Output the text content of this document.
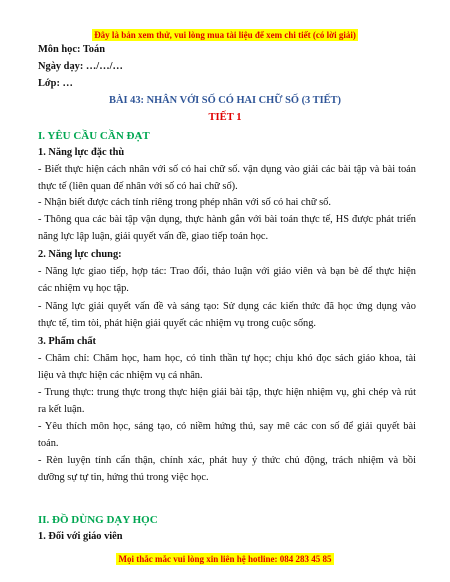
Đây là bản xem thử, vui lòng mua tài liệu để xem chi tiết (có lời giải)
Môn học: Toán
Ngày dạy: …/…/…
Lớp: …
BÀI 43: NHÂN VỚI SỐ CÓ HAI CHỮ SỐ (3 TIẾT)
TIẾT 1
I. YÊU CẦU CẦN ĐẠT
1. Năng lực đặc thù
- Biết thực hiện cách nhân với số có hai chữ số. vận dụng vào giải các bài tập và bài toán
thực tế (liên quan đế nhân với số có hai chữ số).
- Nhận biết được cách tính riêng trong phép nhân với số có hai chữ số.
- Thông qua các bài tập vận dụng, thực hành gắn với bài toán thực tế, HS được phát triển
năng lực lập luận, giải quyết vấn đề, giao tiếp toán học.
2. Năng lực chung:
- Năng lực giao tiếp, hợp tác: Trao đổi, thảo luận với giáo viên và bạn bè để thực hiện
các nhiệm vụ học tập.
- Năng lực giải quyết vấn đề và sáng tạo: Sử dụng các kiến thức đã học ứng dụng vào
thực tế, tìm tòi, phát hiện giải quyết các nhiệm vụ trong cuộc sống.
3. Phẩm chất
- Chăm chỉ: Chăm học, ham học, có tinh thần tự học; chịu khó đọc sách giáo khoa, tài
liệu và thực hiện các nhiệm vụ cá nhân.
- Trung thực: trung thực trong thực hiện giải bài tập, thực hiện nhiệm vụ, ghi chép và rút
ra kết luận.
- Yêu thích môn học, sáng tạo, có niềm hứng thú, say mê các con số để giải quyết bài
toán.
- Rèn luyện tính cẩn thận, chính xác, phát huy ý thức chủ động, trách nhiệm và bồi
dưỡng sự tự tin, hứng thú trong việc học.
Mọi thắc mắc vui lòng xin liên hệ hotline: 084 283 45 85
II. ĐỒ DÙNG DẠY HỌC
1. Đối với giáo viên
